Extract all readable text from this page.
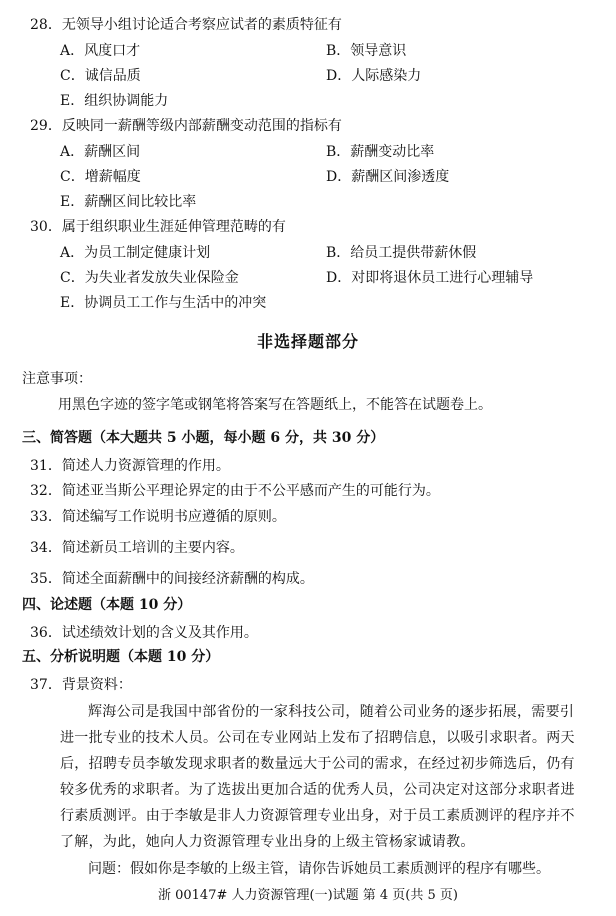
28．无领导小组讨论适合考察应试者的素质特征有
A．风度口才	B．领导意识
C．诚信品质	D．人际感染力
E．组织协调能力
29．反映同一薪酬等级内部薪酬变动范围的指标有
A．薪酬区间	B．薪酬变动比率
C．增薪幅度	D．薪酬区间渗透度
E．薪酬区间比较比率
30．属于组织职业生涯延伸管理范畴的有
A．为员工制定健康计划	B．给员工提供带薪休假
C．为失业者发放失业保险金	D．对即将退休员工进行心理辅导
E．协调员工工作与生活中的冲突
非选择题部分
注意事项：
用黑色字迹的签字笔或钢笔将答案写在答题纸上，不能答在试题卷上。
三、简答题（本大题共 5 小题，每小题 6 分，共 30 分）
31．简述人力资源管理的作用。
32．简述亚当斯公平理论界定的由于不公平感而产生的可能行为。
33．简述编写工作说明书应遵循的原则。
34．简述新员工培训的主要内容。
35．简述全面薪酬中的间接经济薪酬的构成。
四、论述题（本题 10 分）
36．试述绩效计划的含义及其作用。
五、分析说明题（本题 10 分）
37．背景资料：
辉海公司是我国中部省份的一家科技公司，随着公司业务的逐步拓展，需要引
进一批专业的技术人员。公司在专业网站上发布了招聘信息，以吸引求职者。两天
后，招聘专员李敏发现求职者的数量远大于公司的需求，在经过初步筛选后，仍有
较多优秀的求职者。为了选拔出更加合适的优秀人员，公司决定对这部分求职者进
行素质测评。由于李敏是非人力资源管理专业出身，对于员工素质测评的程序并不
了解，为此，她向人力资源管理专业出身的上级主管杨家诚请教。
问题：假如你是李敏的上级主管，请你告诉她员工素质测评的程序有哪些。
浙 00147# 人力资源管理(一)试题 第 4 页(共 5 页)
